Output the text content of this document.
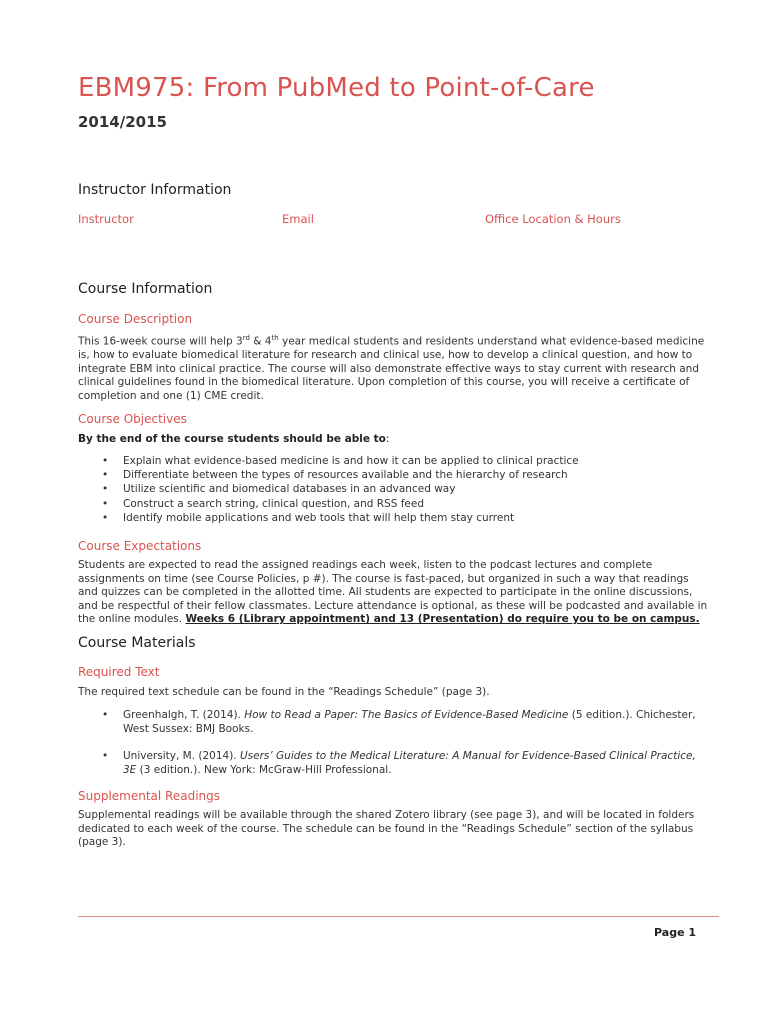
EBM975: From PubMed to Point-of-Care
2014/2015
Instructor Information
Instructor	Email	Office Location & Hours
Course Information
Course Description

This 16-week course will help 3rd & 4th year medical students and residents understand what evidence-based medicine is, how to evaluate biomedical literature for research and clinical use, how to develop a clinical question, and how to integrate EBM into clinical practice. The course will also demonstrate effective ways to stay current with research and clinical guidelines found in the biomedical literature. Upon completion of this course, you will receive a certificate of completion and one (1) CME credit.

Course Objectives
By the end of the course students should be able to:
• Explain what evidence-based medicine is and how it can be applied to clinical practice
• Differentiate between the types of resources available and the hierarchy of research
• Utilize scientific and biomedical databases in an advanced way
• Construct a search string, clinical question, and RSS feed
• Identify mobile applications and web tools that will help them stay current
Course Expectations

Students are expected to read the assigned readings each week, listen to the podcast lectures and complete assignments on time (see Course Policies, p #). The course is fast-paced, but organized in such a way that readings and quizzes can be completed in the allotted time. All students are expected to participate in the online discussions, and be respectful of their fellow classmates. Lecture attendance is optional, as these will be podcasted and available in the online modules. Weeks 6 (Library appointment) and 13 (Presentation) do require you to be on campus.

Course Materials
Required Text
The required text schedule can be found in the “Readings Schedule” (page 3).
• Greenhalgh, T. (2014). How to Read a Paper: The Basics of Evidence-Based Medicine (5 edition.). Chichester, West Sussex: BMJ Books.
• University, M. (2014). Users’ Guides to the Medical Literature: A Manual for Evidence-Based Clinical Practice, 3E (3 edition.). New York: McGraw-Hill Professional.
Supplemental Readings

Supplemental readings will be available through the shared Zotero library (see page 3), and will be located in folders dedicated to each week of the course. The schedule can be found in the “Readings Schedule” section of the syllabus (page 3).

Page 1
